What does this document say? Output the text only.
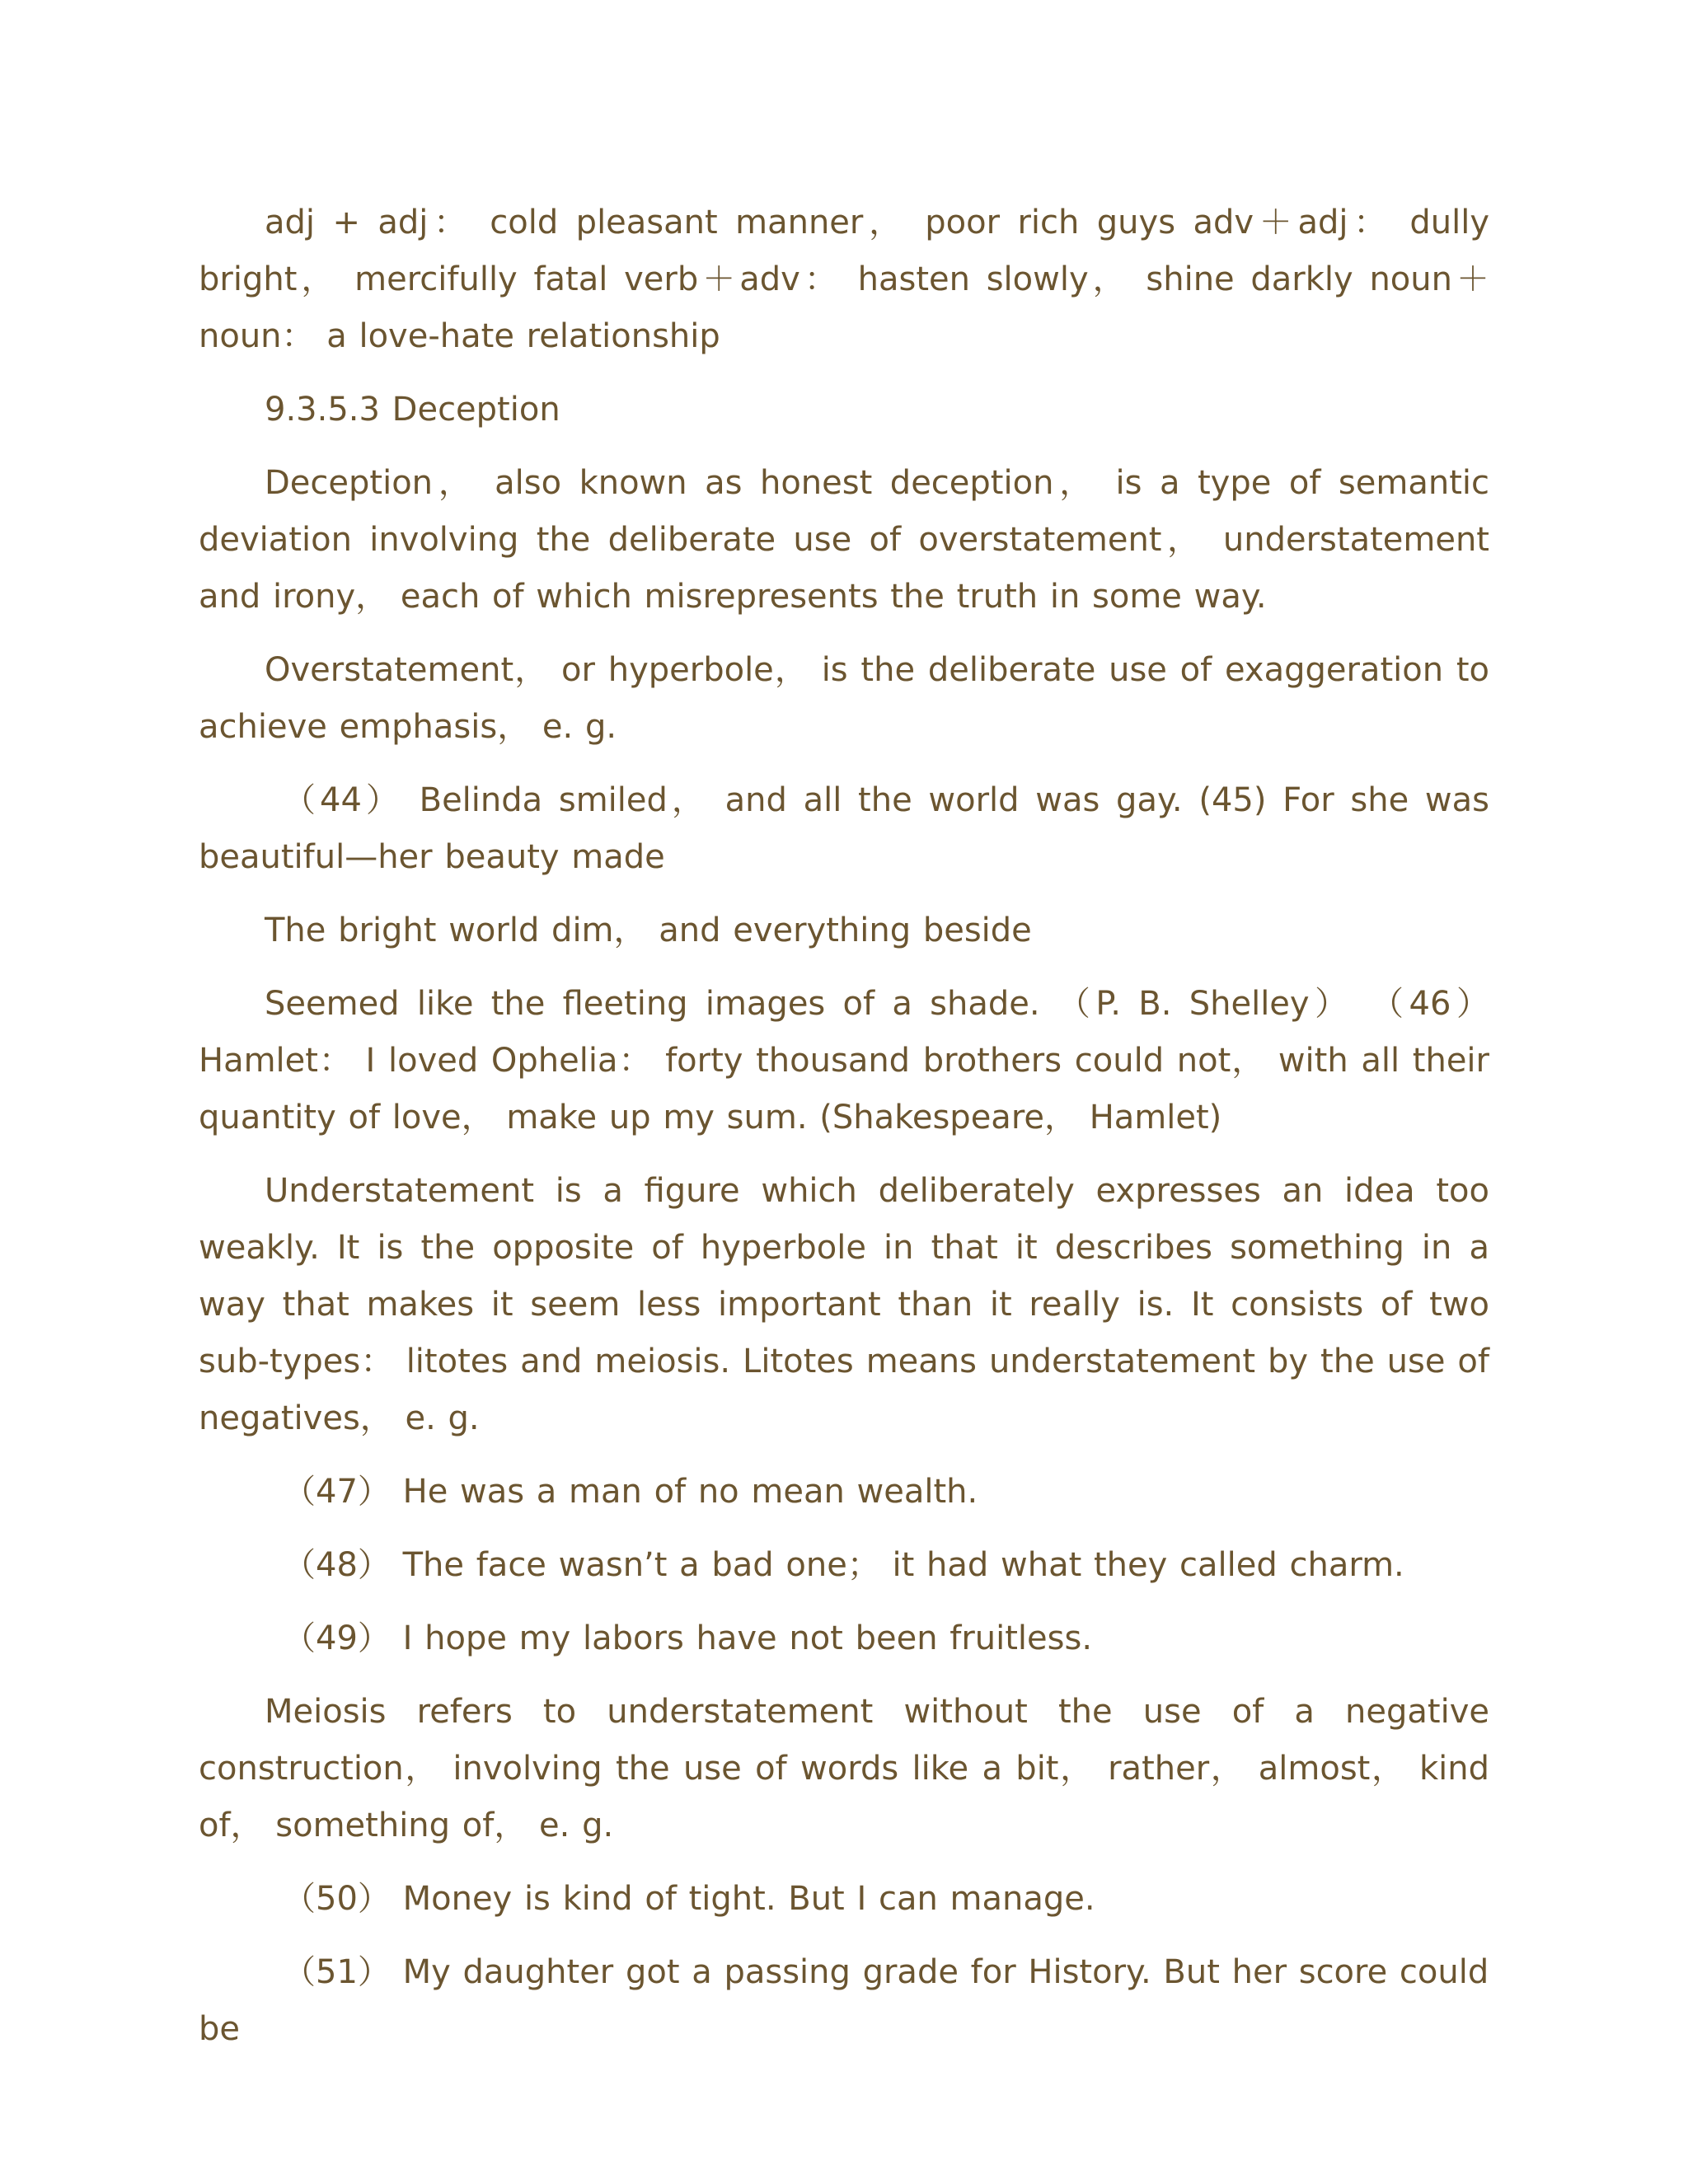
adj + adj： cold pleasant manner， poor rich guys adv＋adj： dully bright， mercifully fatal verb＋adv： hasten slowly， shine darkly noun＋noun： a love-hate relationship

9.3.5.3 Deception

Deception， also known as honest deception， is a type of semantic deviation involving the deliberate use of overstatement， understatement and irony， each of which misrepresents the truth in some way.

Overstatement， or hyperbole， is the deliberate use of exaggeration to achieve emphasis， e. g.

（44） Belinda smiled， and all the world was gay. (45) For she was beautiful—her beauty made

The bright world dim， and everything beside

Seemed like the fleeting images of a shade. （P. B. Shelley） （46） Hamlet： I loved Ophelia： forty thousand brothers could not， with all their quantity of love， make up my sum. (Shakespeare， Hamlet)

Understatement is a figure which deliberately expresses an idea too weakly. It is the opposite of hyperbole in that it describes something in a way that makes it seem less important than it really is. It consists of two sub-types： litotes and meiosis. Litotes means understatement by the use of negatives， e. g.

（47） He was a man of no mean wealth.

（48） The face wasn’t a bad one； it had what they called charm.

（49） I hope my labors have not been fruitless.

Meiosis refers to understatement without the use of a negative construction， involving the use of words like a bit， rather， almost， kind of， something of， e. g.

（50） Money is kind of tight. But I can manage.

（51） My daughter got a passing grade for History. But her score could be
